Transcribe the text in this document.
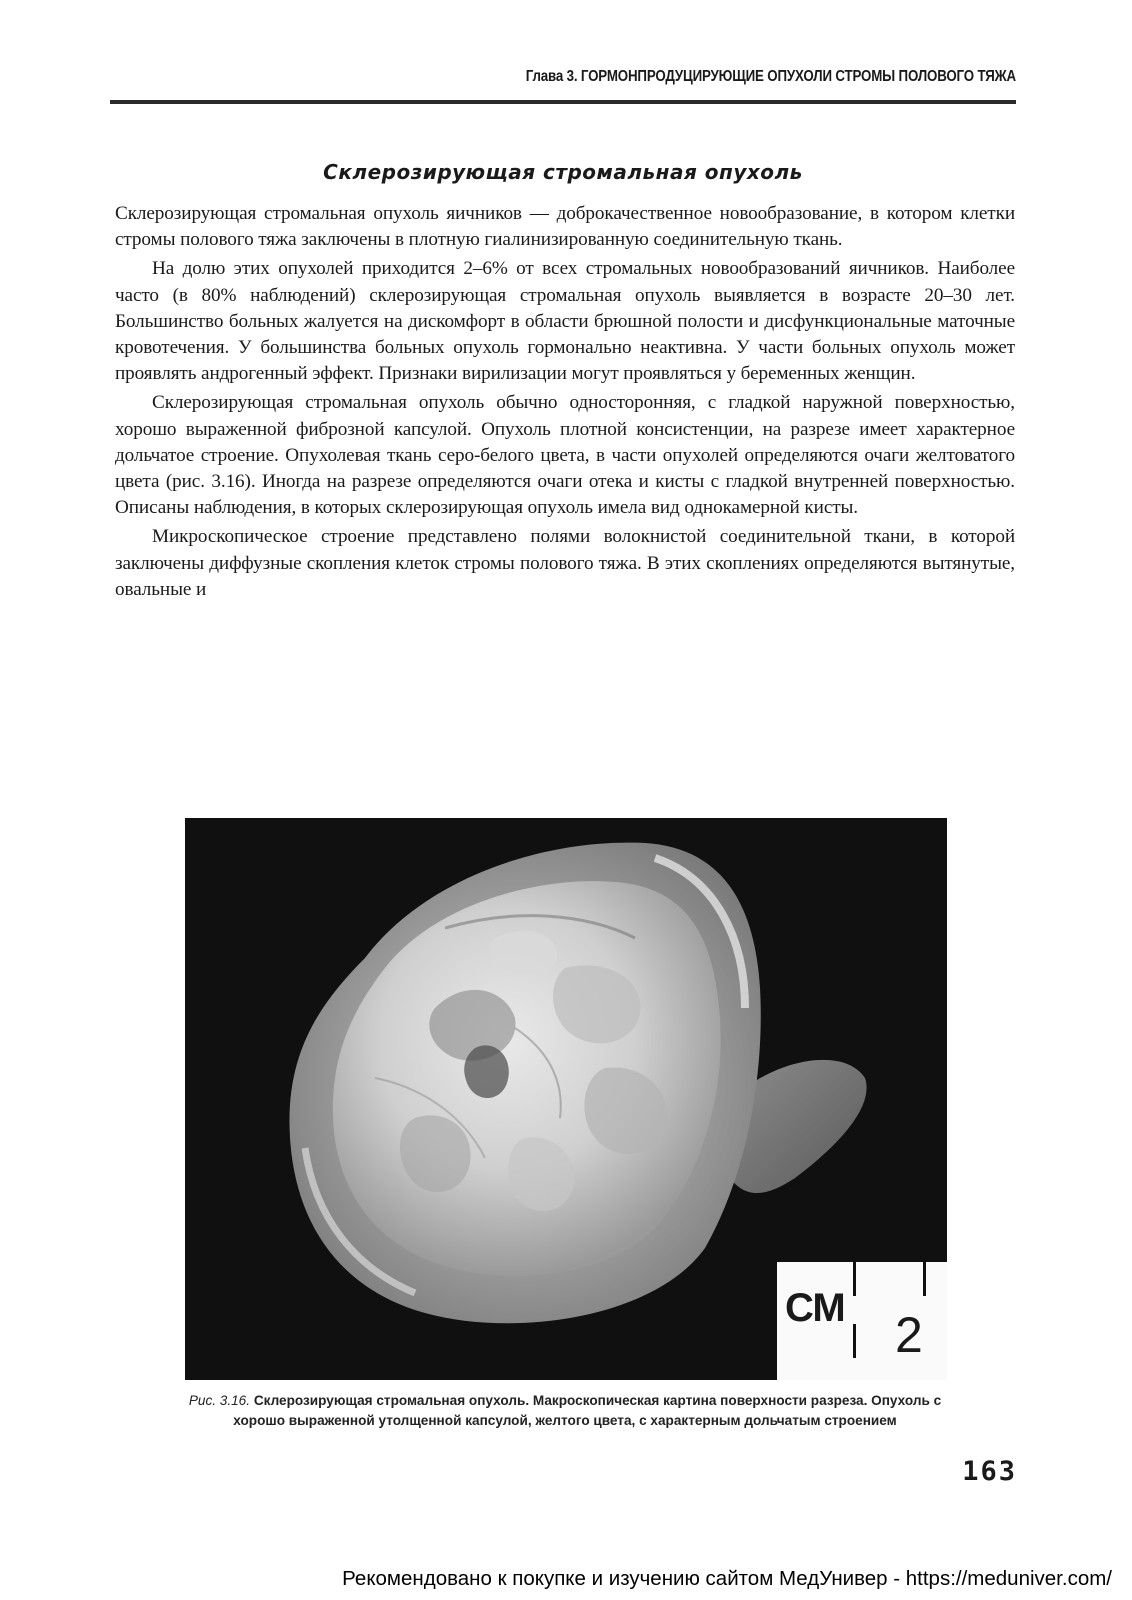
Глава 3. ГОРМОНПРОДУЦИРУЮЩИЕ ОПУХОЛИ СТРОМЫ ПОЛОВОГО ТЯЖА
Склерозирующая стромальная опухоль

Склерозирующая стромальная опухоль яичников — доброкачественное новообразование, в котором клетки стромы полового тяжа заключены в плотную гиалинизированную соединительную ткань.

На долю этих опухолей приходится 2–6% от всех стромальных новообразований яичников. Наиболее часто (в 80% наблюдений) склерозирующая стромальная опухоль выявляется в возрасте 20–30 лет. Большинство больных жалуется на дискомфорт в области брюшной полости и дисфункциональные маточные кровотечения. У большинства больных опухоль гормонально неактивна. У части больных опухоль может проявлять андрогенный эффект. Признаки вирилизации могут проявляться у беременных женщин.

Склерозирующая стромальная опухоль обычно односторонняя, с гладкой наружной поверхностью, хорошо выраженной фиброзной капсулой. Опухоль плотной консистенции, на разрезе имеет характерное дольчатое строение. Опухолевая ткань серо-белого цвета, в части опухолей определяются очаги желтоватого цвета (рис. 3.16). Иногда на разрезе определяются очаги отека и кисты с гладкой внутренней поверхностью. Описаны наблюдения, в которых склерозирующая опухоль имела вид однокамерной кисты.

Микроскопическое строение представлено полями волокнистой соединительной ткани, в которой заключены диффузные скопления клеток стромы полового тяжа. В этих скоплениях определяются вытянутые, овальные и

СМ 2
Рис. 3.16. Склерозирующая стромальная опухоль. Макроскопическая картина поверхности разреза. Опухоль с хорошо выраженной утолщенной капсулой, желтого цвета, с характерным дольчатым строением
163
Рекомендовано к покупке и изучению сайтом МедУнивер - https://meduniver.com/
